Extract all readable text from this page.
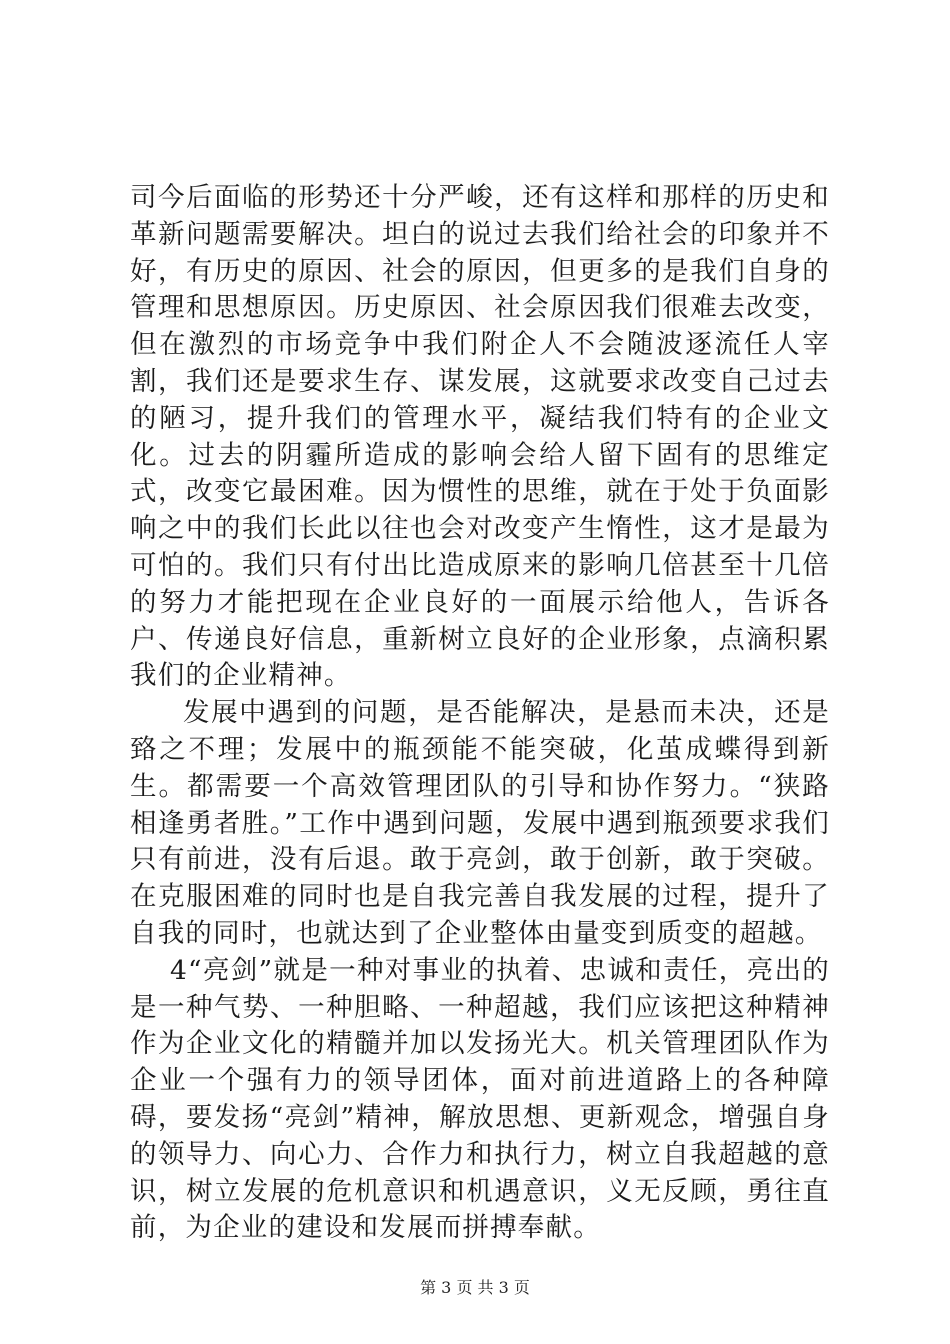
司今后面临的形势还十分严峻，还有这样和那样的历史和革新问题需要解决。坦白的说过去我们给社会的印象并不好，有历史的原因、社会的原因，但更多的是我们自身的管理和思想原因。历史原因、社会原因我们很难去改变，但在激烈的市场竞争中我们附企人不会随波逐流任人宰割，我们还是要求生存、谋发展，这就要求改变自己过去的陋习，提升我们的管理水平，凝结我们特有的企业文化。过去的阴霾所造成的影响会给人留下固有的思维定式，改变它最困难。因为惯性的思维，就在于处于负面影响之中的我们长此以往也会对改变产生惰性，这才是最为可怕的。我们只有付出比造成原来的影响几倍甚至十几倍的努力才能把现在企业良好的一面展示给他人，告诉各户、传递良好信息，重新树立良好的企业形象，点滴积累我们的企业精神。

发展中遇到的问题，是否能解决，是悬而未决，还是臵之不理；发展中的瓶颈能不能突破，化茧成蝶得到新生。都需要一个高效管理团队的引导和协作努力。“狭路相逢勇者胜。”工作中遇到问题，发展中遇到瓶颈要求我们只有前进，没有后退。敢于亮剑，敢于创新，敢于突破。在克服困难的同时也是自我完善自我发展的过程，提升了自我的同时，也就达到了企业整体由量变到质变的超越。

4“亮剑”就是一种对事业的执着、忠诚和责任，亮出的是一种气势、一种胆略、一种超越，我们应该把这种精神作为企业文化的精髓并加以发扬光大。机关管理团队作为企业一个强有力的领导团体，面对前进道路上的各种障碍，要发扬“亮剑”精神，解放思想、更新观念，增强自身的领导力、向心力、合作力和执行力，树立自我超越的意识，树立发展的危机意识和机遇意识，义无反顾，勇往直前，为企业的建设和发展而拼搏奉献。

第 3 页 共 3 页
